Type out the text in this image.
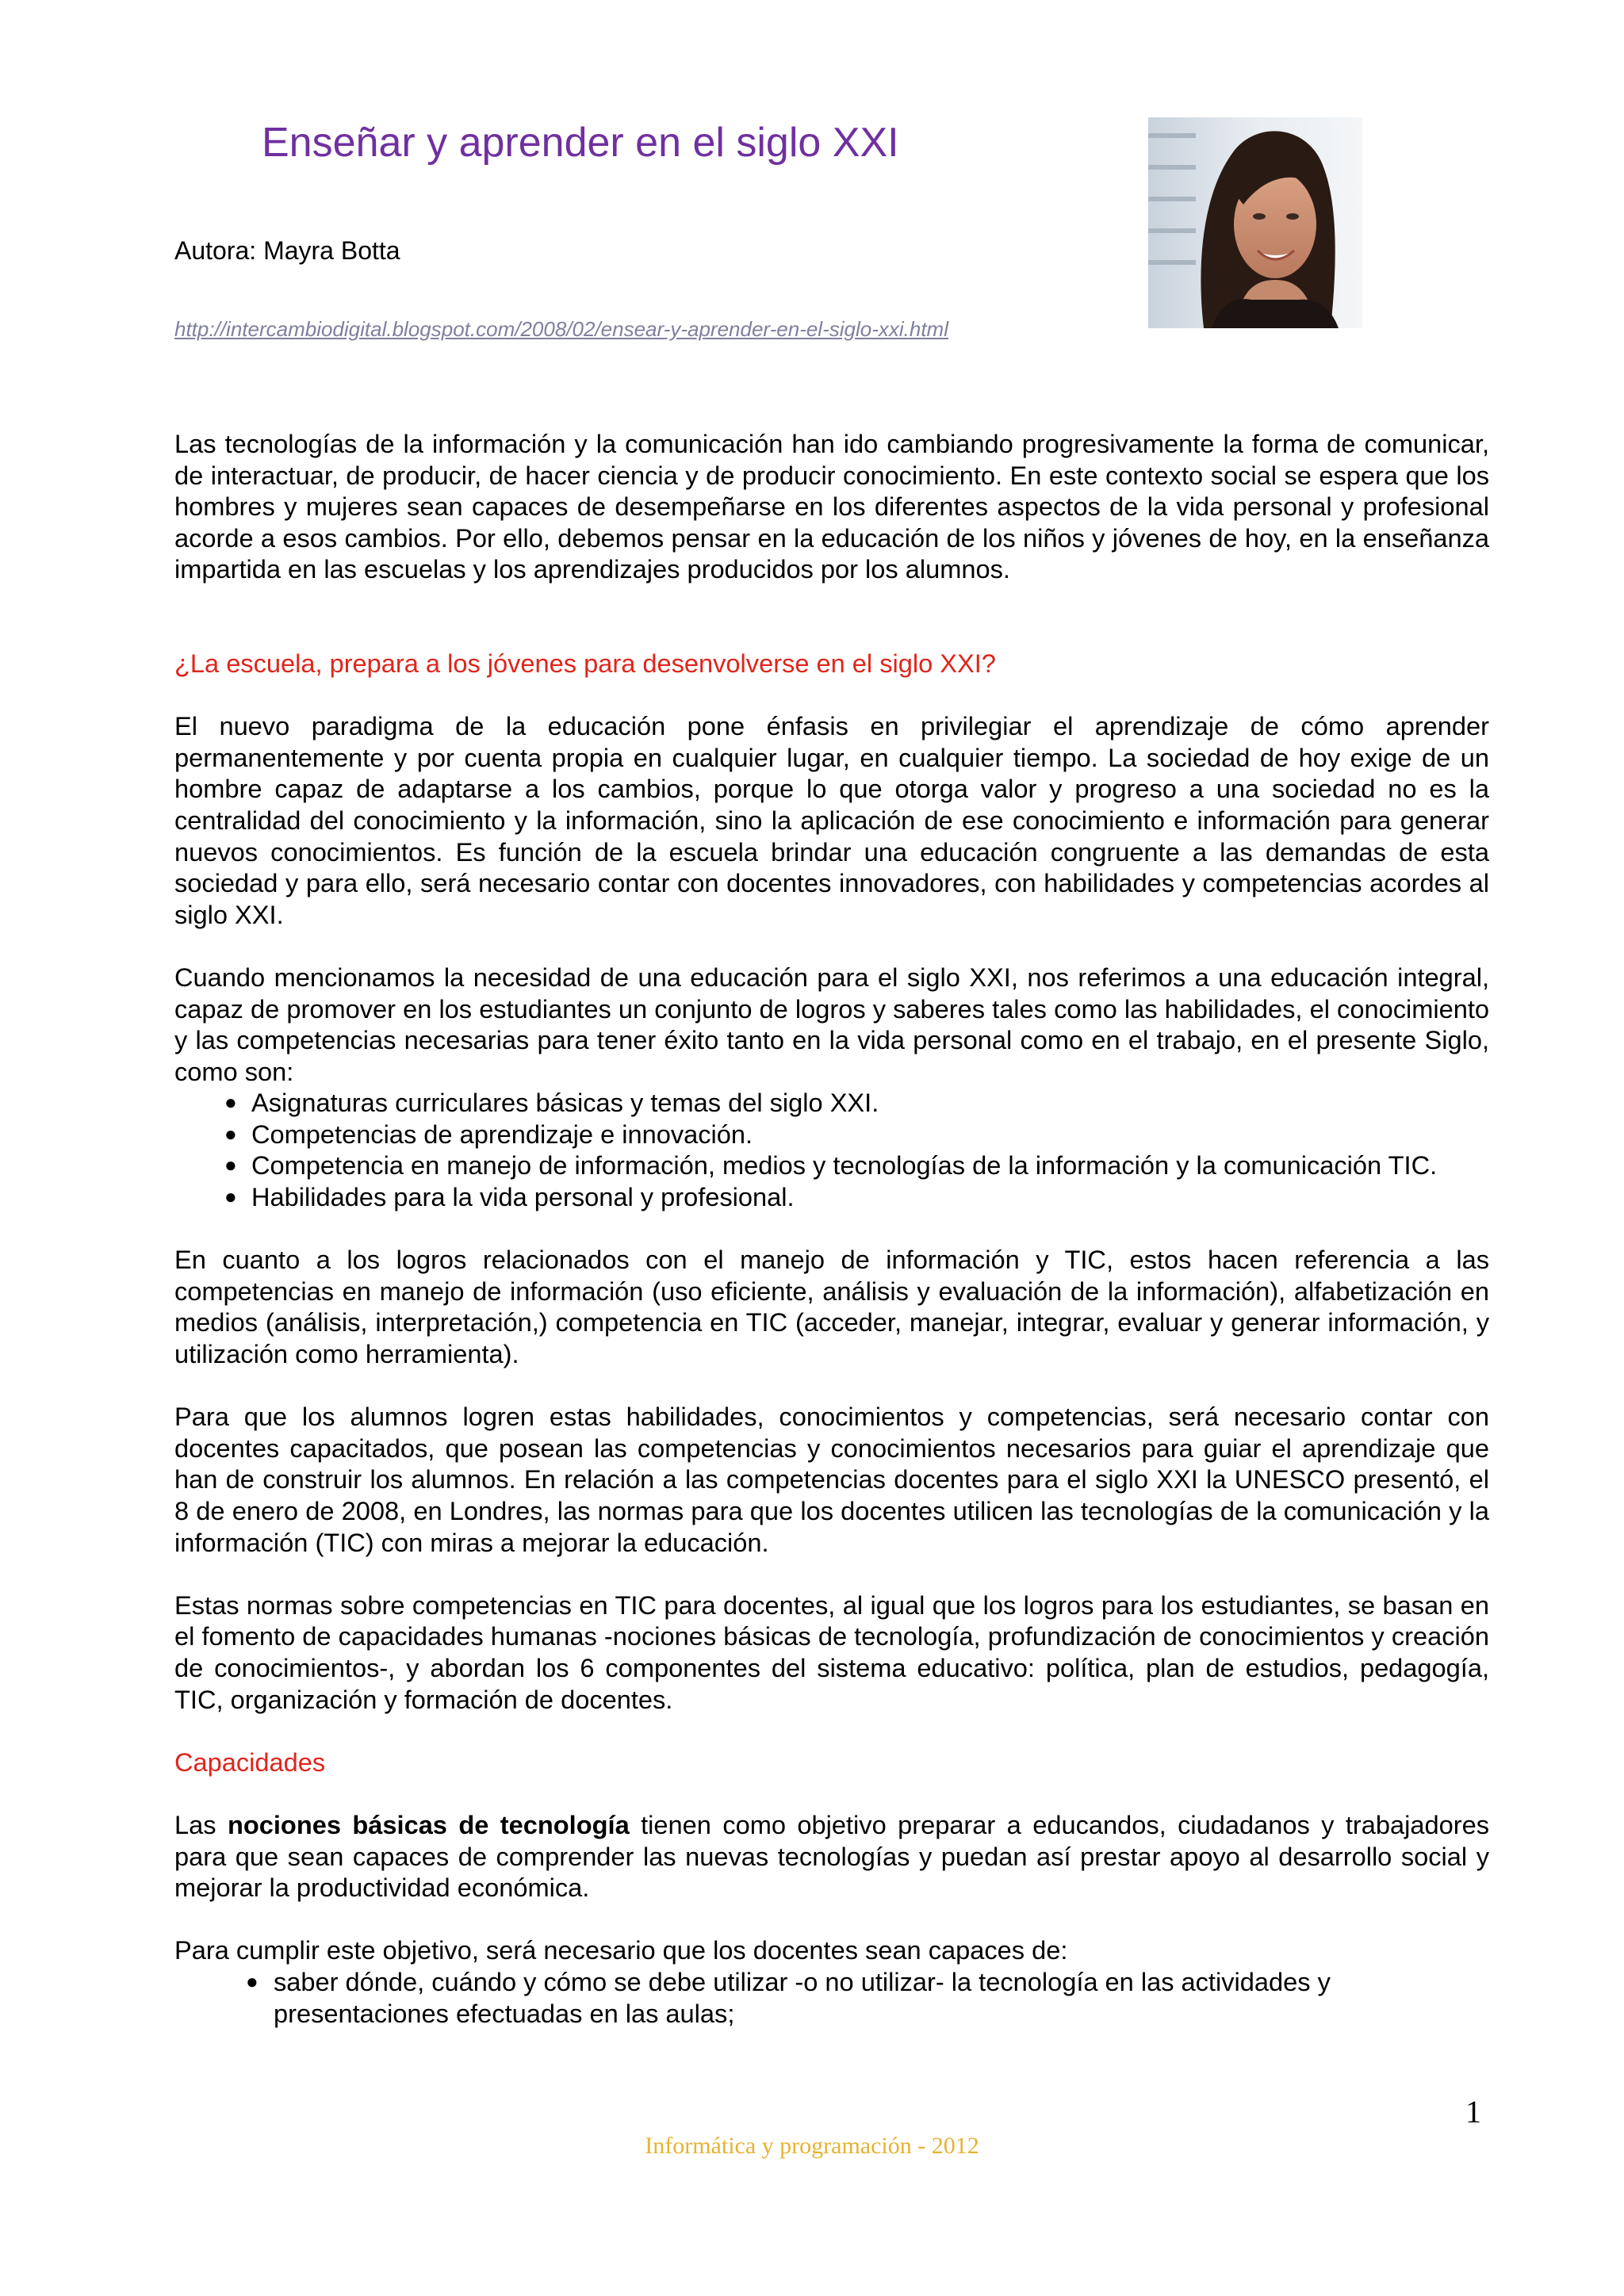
Enseñar y aprender en el siglo XXI
Autora: Mayra Botta
http://intercambiodigital.blogspot.com/2008/02/ensear-y-aprender-en-el-siglo-xxi.html

Las tecnologías de la información y la comunicación han ido cambiando progresivamente la forma de comunicar, de interactuar, de producir, de hacer ciencia y de producir conocimiento. En este contexto social se espera que los hombres y mujeres sean capaces de desempeñarse en los diferentes aspectos de la vida personal y profesional acorde a esos cambios. Por ello, debemos pensar en la educación de los niños y jóvenes de hoy, en la enseñanza impartida en las escuelas y los aprendizajes producidos por los alumnos.

¿La escuela, prepara a los jóvenes para desenvolverse en el siglo XXI?

El nuevo paradigma de la educación pone énfasis en privilegiar el aprendizaje de cómo aprender permanentemente y por cuenta propia en cualquier lugar, en cualquier tiempo. La sociedad de hoy exige de un hombre capaz de adaptarse a los cambios, porque lo que otorga valor y progreso a una sociedad no es la centralidad del conocimiento y la información, sino la aplicación de ese conocimiento e información para generar nuevos conocimientos. Es función de la escuela brindar una educación congruente a las demandas de esta sociedad y para ello, será necesario contar con docentes innovadores, con habilidades y competencias acordes al siglo XXI.

Cuando mencionamos la necesidad de una educación para el siglo XXI, nos referimos a una educación integral, capaz de promover en los estudiantes un conjunto de logros y saberes tales como las habilidades, el conocimiento y las competencias necesarias para tener éxito tanto en la vida personal como en el trabajo, en el presente Siglo, como son:

● Asignaturas curriculares básicas y temas del siglo XXI.
● Competencias de aprendizaje e innovación.
● Competencia en manejo de información, medios y tecnologías de la información y la comunicación TIC.
● Habilidades para la vida personal y profesional.

En cuanto a los logros relacionados con el manejo de información y TIC, estos hacen referencia a las competencias en manejo de información (uso eficiente, análisis y evaluación de la información), alfabetización en medios (análisis, interpretación,) competencia en TIC (acceder, manejar, integrar, evaluar y generar información, y utilización como herramienta).

Para que los alumnos logren estas habilidades, conocimientos y competencias, será necesario contar con docentes capacitados, que posean las competencias y conocimientos necesarios para guiar el aprendizaje que han de construir los alumnos. En relación a las competencias docentes para el siglo XXI la UNESCO presentó, el 8 de enero de 2008, en Londres, las normas para que los docentes utilicen las tecnologías de la comunicación y la información (TIC) con miras a mejorar la educación.

Estas normas sobre competencias en TIC para docentes, al igual que los logros para los estudiantes, se basan en el fomento de capacidades humanas -nociones básicas de tecnología, profundización de conocimientos y creación de conocimientos-, y abordan los 6 componentes del sistema educativo: política, plan de estudios, pedagogía, TIC, organización y formación de docentes.

Capacidades

Las nociones básicas de tecnología tienen como objetivo preparar a educandos, ciudadanos y trabajadores para que sean capaces de comprender las nuevas tecnologías y puedan así prestar apoyo al desarrollo social y mejorar la productividad económica.

Para cumplir este objetivo, será necesario que los docentes sean capaces de:

● saber dónde, cuándo y cómo se debe utilizar -o no utilizar- la tecnología en las actividades y presentaciones efectuadas en las aulas;
1
Informática y programación - 2012
